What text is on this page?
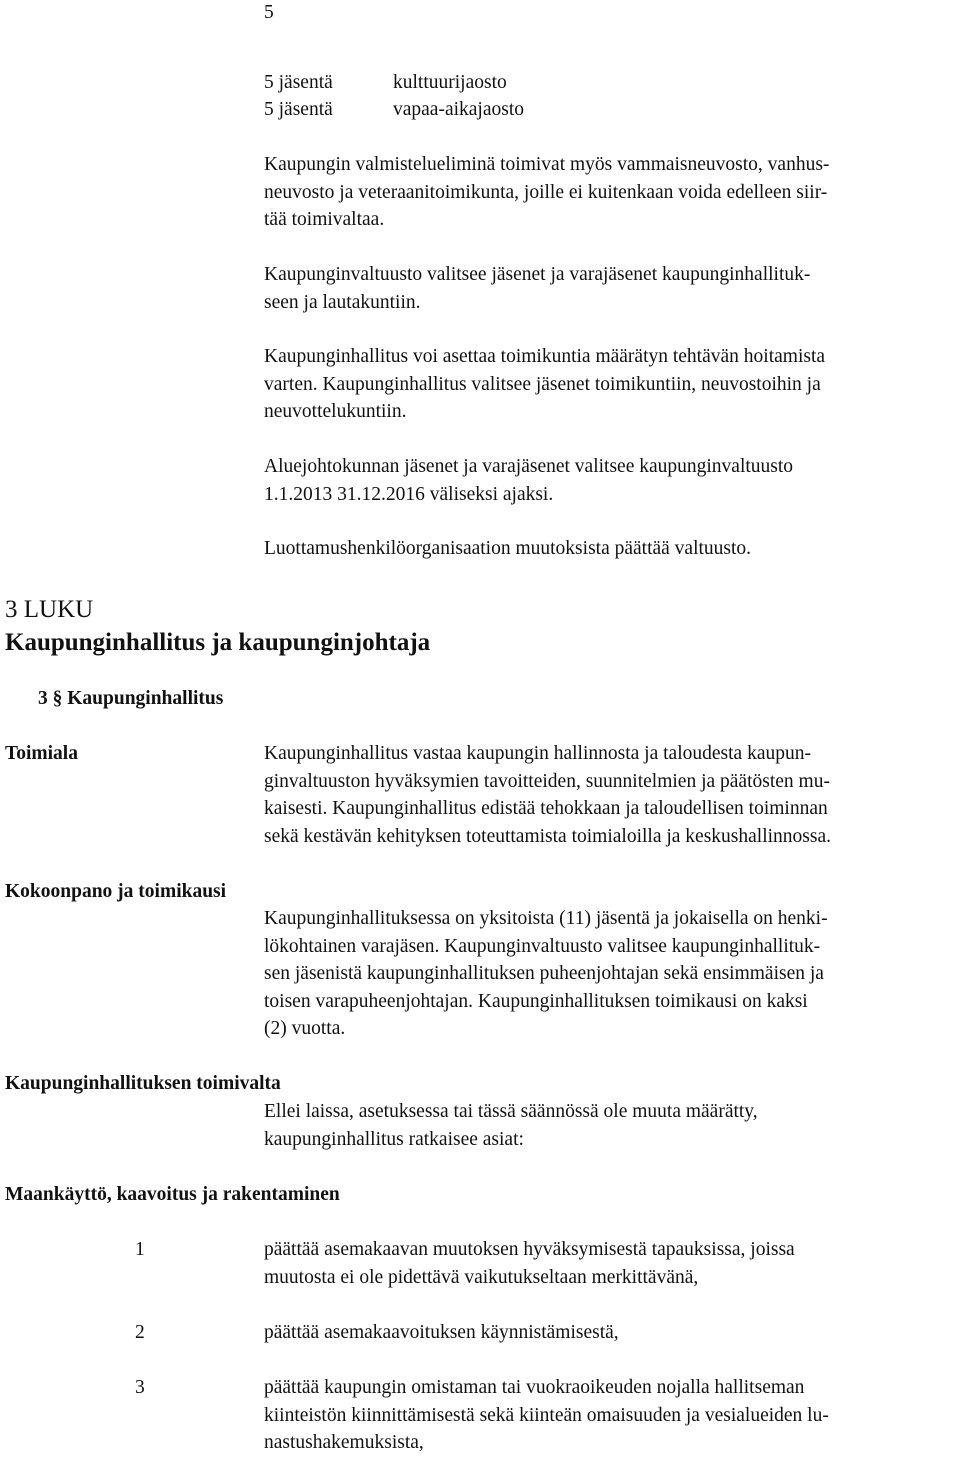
5
5 jäsentä	kulttuurijaosto
5 jäsentä	vapaa-aikajaosto
Kaupungin valmistelueliminä toimivat myös vammaisneuvosto, vanhus-
neuvosto ja veteraanitoimikunta, joille ei kuitenkaan voida edelleen siir-
tää toimivaltaa.
Kaupunginvaltuusto valitsee jäsenet ja varajäsenet kaupunginhallituk-
seen ja lautakuntiin.
Kaupunginhallitus voi asettaa toimikuntia määrätyn tehtävän hoitamista
varten. Kaupunginhallitus valitsee jäsenet toimikuntiin, neuvostoihin ja
neuvottelukuntiin.
Aluejohtokunnan jäsenet ja varajäsenet valitsee kaupunginvaltuusto
1.1.2013 31.12.2016 väliseksi ajaksi.
Luottamushenkilöorganisaation muutoksista päättää valtuusto.
3 LUKU
Kaupunginhallitus ja kaupunginjohtaja
3 § Kaupunginhallitus
Toimiala	Kaupunginhallitus vastaa kaupungin hallinnosta ja taloudesta kaupun-
ginvaltuuston hyväksymien tavoitteiden, suunnitelmien ja päätösten mu-
kaisesti. Kaupunginhallitus edistää tehokkaan ja taloudellisen toiminnan
sekä kestävän kehityksen toteuttamista toimialoilla ja keskushallinnossa.
Kokoonpano ja toimikausi
Kaupunginhallituksessa on yksitoista (11) jäsentä ja jokaisella on henki-
lökohtainen varajäsen. Kaupunginvaltuusto valitsee kaupunginhallituk-
sen jäsenistä kaupunginhallituksen puheenjohtajan sekä ensimmäisen ja
toisen varapuheenjohtajan. Kaupunginhallituksen toimikausi on kaksi
(2) vuotta.
Kaupunginhallituksen toimivalta
Ellei laissa, asetuksessa tai tässä säännössä ole muuta määrätty,
kaupunginhallitus ratkaisee asiat:
Maankäyttö, kaavoitus ja rakentaminen
1	päättää asemakaavan muutoksen hyväksymisestä tapauksissa, joissa
muutosta ei ole pidettävä vaikutukseltaan merkittävänä,
2	päättää asemakaavoituksen käynnistämisestä,
3	päättää kaupungin omistaman tai vuokraoikeuden nojalla hallitseman
kiinteistön kiinnittämisestä sekä kiinteän omaisuuden ja vesialueiden lu-
nastushakemuksista,
